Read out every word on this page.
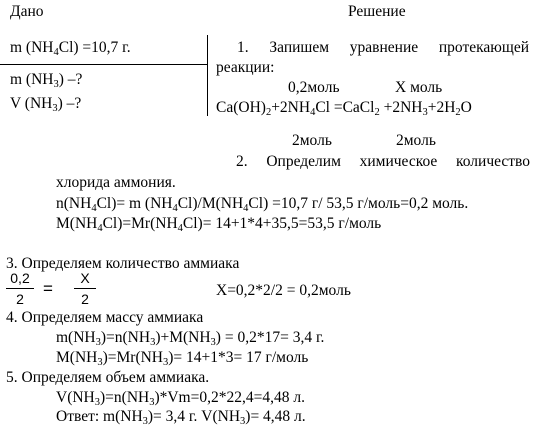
Дано
m $(NH_4Cl) =10,7$ г.
m $(NH_3)$ –?
V $(NH_3)$ –?
Решение
1. Запишем уравнение протекающей
реакции:
0,2моль	X моль
$Ca(OH)_2+2NH_4Cl$ =CaCl$_2$ $+2NH_3+2H_2O$
2моль	2моль
2. Определим химическое количество
хлорида аммония.
$n(NH_4Cl)= m$ $(NH_4Cl)/M(NH_4Cl) =10,7$ г/ 53,5 г/моль=0,2 моль.
$M(NH_4Cl)=Mr(NH_4Cl)= 14+1*4+35,5=53,5$ г/моль
3. Определяем количество аммиака
0,2
2
=
X
2
X=0,2*2/2 = 0,2моль
4. Определяем массу аммиака
$m(NH_3)=n(NH_3)+M(NH_3) = 0,2*17= 3,4$ г.
$M(NH_3)=Mr(NH_3)= 14+1*3= 17$ г/моль
5. Определяем объем аммиака.
$V(NH_3)=n(NH_3)*Vm=0,2*22,4=4,48$ л.
Ответ: $m(NH_3)= 3,4$ г. $V(NH_3)= 4,48$ л.
